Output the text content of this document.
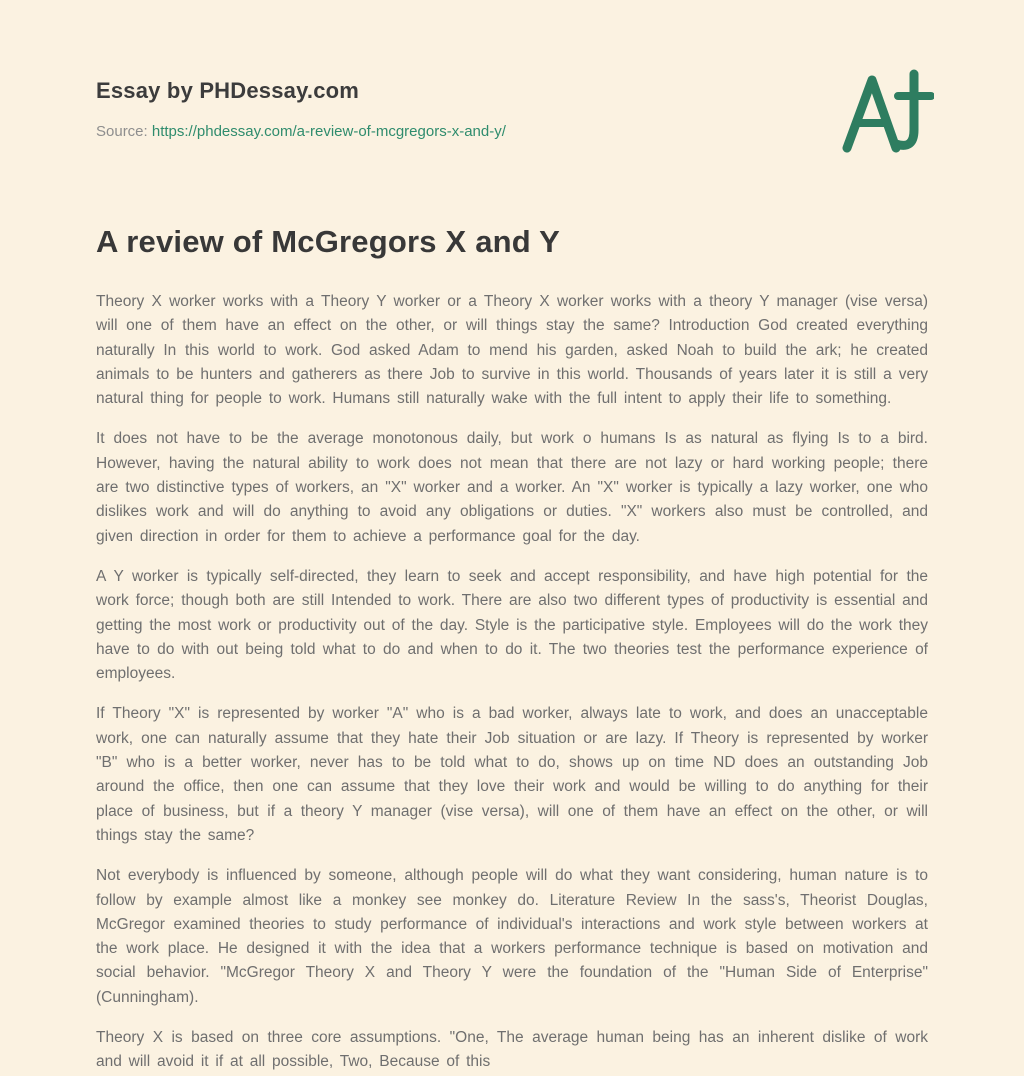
Essay by PHDessay.com
Source: https://phdessay.com/a-review-of-mcgregors-x-and-y/
A review of McGregors X and Y

Theory X worker works with a Theory Y worker or a Theory X worker works with a theory Y manager (vise versa) will one of them have an effect on the other, or will things stay the same? Introduction God created everything naturally In this world to work. God asked Adam to mend his garden, asked Noah to build the ark; he created animals to be hunters and gatherers as there Job to survive in this world. Thousands of years later it is still a very natural thing for people to work. Humans still naturally wake with the full intent to apply their life to something.

It does not have to be the average monotonous daily, but work o humans Is as natural as flying Is to a bird. However, having the natural ability to work does not mean that there are not lazy or hard working people; there are two distinctive types of workers, an "X" worker and a worker. An "X" worker is typically a lazy worker, one who dislikes work and will do anything to avoid any obligations or duties. "X" workers also must be controlled, and given direction in order for them to achieve a performance goal for the day.

A Y worker is typically self-directed, they learn to seek and accept responsibility, and have high potential for the work force; though both are still Intended to work. There are also two different types of productivity is essential and getting the most work or productivity out of the day. Style is the participative style. Employees will do the work they have to do with out being told what to do and when to do it. The two theories test the performance experience of employees.

If Theory "X" is represented by worker "A" who is a bad worker, always late to work, and does an unacceptable work, one can naturally assume that they hate their Job situation or are lazy. If Theory is represented by worker "B" who is a better worker, never has to be told what to do, shows up on time ND does an outstanding Job around the office, then one can assume that they love their work and would be willing to do anything for their place of business, but if a theory Y manager (vise versa), will one of them have an effect on the other, or will things stay the same?

Not everybody is influenced by someone, although people will do what they want considering, human nature is to follow by example almost like a monkey see monkey do. Literature Review In the sass's, Theorist Douglas, McGregor examined theories to study performance of individual's interactions and work style between workers at the work place. He designed it with the idea that a workers performance technique is based on motivation and social behavior. "McGregor Theory X and Theory Y were the foundation of the "Human Side of Enterprise" (Cunningham).

Theory X is based on three core assumptions. "One, The average human being has an inherent dislike of work and will avoid it if at all possible, Two, Because of this
